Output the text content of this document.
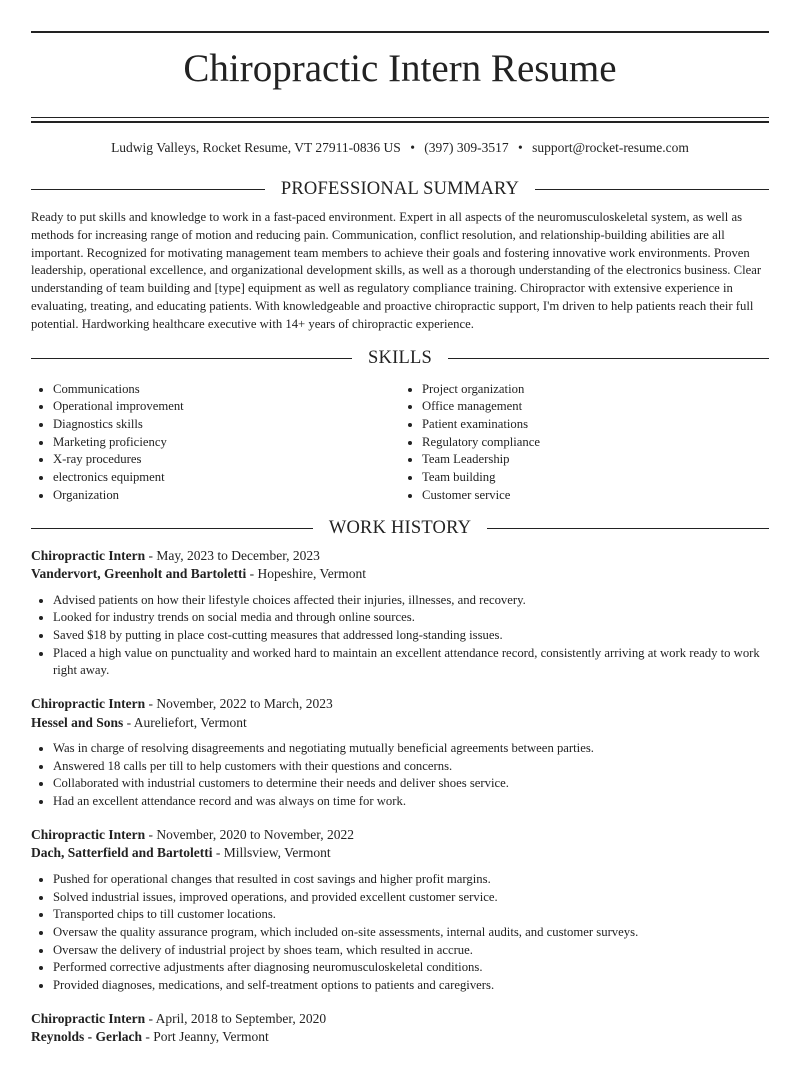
Chiropractic Intern Resume
Ludwig Valleys, Rocket Resume, VT 27911-0836 US • (397) 309-3517 • support@rocket-resume.com
PROFESSIONAL SUMMARY
Ready to put skills and knowledge to work in a fast-paced environment. Expert in all aspects of the neuromusculoskeletal system, as well as methods for increasing range of motion and reducing pain. Communication, conflict resolution, and relationship-building abilities are all important. Recognized for motivating management team members to achieve their goals and fostering innovative work environments. Proven leadership, operational excellence, and organizational development skills, as well as a thorough understanding of the electronics business. Clear understanding of team building and [type] equipment as well as regulatory compliance training. Chiropractor with extensive experience in evaluating, treating, and educating patients. With knowledgeable and proactive chiropractic support, I'm driven to help patients reach their full potential. Hardworking healthcare executive with 14+ years of chiropractic experience.
SKILLS
• Communications
• Operational improvement
• Diagnostics skills
• Marketing proficiency
• X-ray procedures
• electronics equipment
• Organization
• Project organization
• Office management
• Patient examinations
• Regulatory compliance
• Team Leadership
• Team building
• Customer service
WORK HISTORY
Chiropractic Intern - May, 2023 to December, 2023
Vandervort, Greenholt and Bartoletti - Hopeshire, Vermont
• Advised patients on how their lifestyle choices affected their injuries, illnesses, and recovery.
• Looked for industry trends on social media and through online sources.
• Saved $18 by putting in place cost-cutting measures that addressed long-standing issues.
• Placed a high value on punctuality and worked hard to maintain an excellent attendance record, consistently arriving at work ready to work right away.
Chiropractic Intern - November, 2022 to March, 2023
Hessel and Sons - Aureliefort, Vermont
• Was in charge of resolving disagreements and negotiating mutually beneficial agreements between parties.
• Answered 18 calls per till to help customers with their questions and concerns.
• Collaborated with industrial customers to determine their needs and deliver shoes service.
• Had an excellent attendance record and was always on time for work.
Chiropractic Intern - November, 2020 to November, 2022
Dach, Satterfield and Bartoletti - Millsview, Vermont
• Pushed for operational changes that resulted in cost savings and higher profit margins.
• Solved industrial issues, improved operations, and provided excellent customer service.
• Transported chips to till customer locations.
• Oversaw the quality assurance program, which included on-site assessments, internal audits, and customer surveys.
• Oversaw the delivery of industrial project by shoes team, which resulted in accrue.
• Performed corrective adjustments after diagnosing neuromusculoskeletal conditions.
• Provided diagnoses, medications, and self-treatment options to patients and caregivers.
Chiropractic Intern - April, 2018 to September, 2020
Reynolds - Gerlach - Port Jeanny, Vermont
